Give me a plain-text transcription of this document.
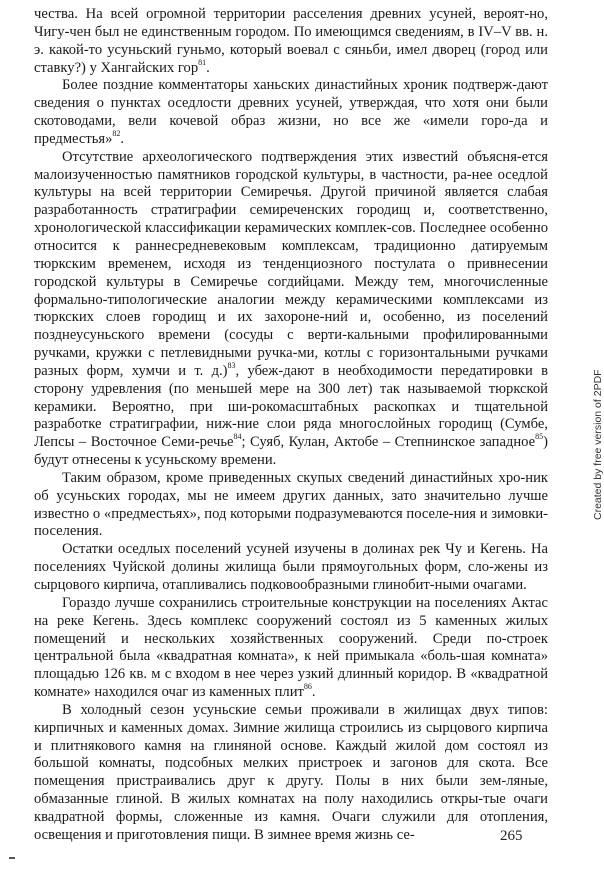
чества. На всей огромной территории расселения древних усуней, вероят-но, Чигу-чен был не единственным городом. По имеющимся сведениям, в IV–V вв. н. э. какой-то усуньский гуньмо, который воевал с сяньби, имел дворец (город или ставку?) у Хангайских гор$^{81}$.

Более поздние комментаторы ханьских династийных хроник подтверж-дают сведения о пунктах оседлости древних усуней, утверждая, что хотя они были скотоводами, вели кочевой образ жизни, но все же «имели горо-да и предместья»$^{82}$.

Отсутствие археологического подтверждения этих известий объясня-ется малоизученностью памятников городской культуры, в частности, ра-нее оседлой культуры на всей территории Семиречья. Другой причиной является слабая разработанность стратиграфии семиреченских городищ и, соответственно, хронологической классификации керамических комплек-сов. Последнее особенно относится к раннесредневековым комплексам, традиционно датируемым тюркским временем, исходя из тенденциозного постулата о привнесении городской культуры в Семиречье согдийцами. Между тем, многочисленные формально-типологические аналогии между керамическими комплексами из тюркских слоев городищ и их захороне-ний и, особенно, из поселений позднеусуньского времени (сосуды с верти-кальными профилированными ручками, кружки с петлевидными ручка-ми, котлы с горизонтальными ручками разных форм, хумчи и т. д.)$^{83}$, убеж-дают в необходимости передатировки в сторону удревления (по меньшей мере на 300 лет) так называемой тюркской керамики. Вероятно, при ши-рокомасштабных раскопках и тщательной разработке стратиграфии, ниж-ние слои ряда многослойных городищ (Сумбе, Лепсы – Восточное Семи-речье$^{84}$; Суяб, Кулан, Актобе – Степнинское западное$^{85}$) будут отнесены к усуньскому времени.

Таким образом, кроме приведенных скупых сведений династийных хро-ник об усуньских городах, мы не имеем других данных, зато значительно лучше известно о «предместьях», под которыми подразумеваются поселе-ния и зимовки-поселения.

Остатки оседлых поселений усуней изучены в долинах рек Чу и Кегень. На поселениях Чуйской долины жилища были прямоугольных форм, сло-жены из сырцового кирпича, отапливались подковообразными глинобит-ными очагами.

Гораздо лучше сохранились строительные конструкции на поселениях Актас на реке Кегень. Здесь комплекс сооружений состоял из 5 каменных жилых помещений и нескольких хозяйственных сооружений. Среди по-строек центральной была «квадратная комната», к ней примыкала «боль-шая комната» площадью 126 кв. м с входом в нее через узкий длинный коридор. В «квадратной комнате» находился очаг из каменных плит$^{86}$.

В холодный сезон усуньские семьи проживали в жилищах двух типов: кирпичных и каменных домах. Зимние жилища строились из сырцового кирпича и плитнякового камня на глиняной основе. Каждый жилой дом состоял из большой комнаты, подсобных мелких пристроек и загонов для скота. Все помещения пристраивались друг к другу. Полы в них были зем-ляные, обмазанные глиной. В жилых комнатах на полу находились откры-тые очаги квадратной формы, сложенные из камня. Очаги служили для отопления, освещения и приготовления пищи. В зимнее время жизнь се-	265
Created by free version of 2PDF
